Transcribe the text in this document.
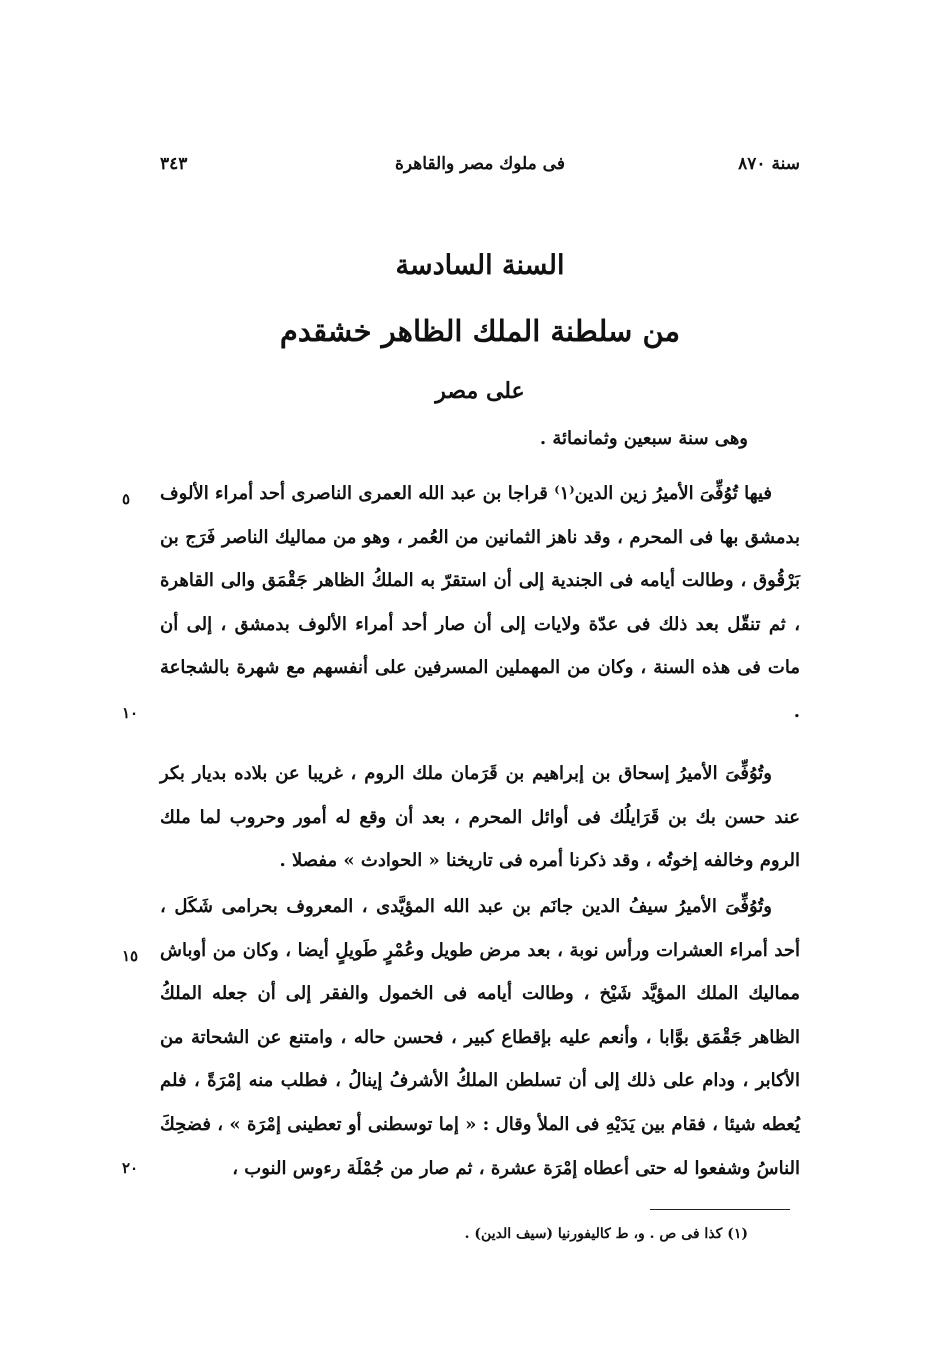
سنة ٨٧٠
فى ملوك مصر والقاهرة
٣٤٣
السنة السادسة
من سلطنة الملك الظاهر خشقدم
على مصر
وهى سنة سبعين وثمانمائة .

فيها تُوُفِّىَ الأميرُ زين الدين⁽١⁾ قراجا بن عبد الله العمرى الناصرى أحد أمراء الألوف بدمشق بها فى المحرم ، وقد ناهز الثمانين من العُمر ، وهو من مماليك الناصر فَرَج بن بَرْقُوق ، وطالت أيامه فى الجندية إلى أن استقرّ به الملكُ الظاهر جَقْمَق والى القاهرة ، ثم تنقّل بعد ذلك فى عدّة ولايات إلى أن صار أحد أمراء الألوف بدمشق ، إلى أن مات فى هذه السنة ، وكان من المهملين المسرفين على أنفسهم مع شهرة بالشجاعة .

وتُوُفِّىَ الأميرُ إسحاق بن إبراهيم بن قَرَمان ملك الروم ، غريبا عن بلاده بديار بكر عند حسن بك بن قَرَايلُك فى أوائل المحرم ، بعد أن وقع له أمور وحروب لما ملك الروم وخالفه إخوتُه ، وقد ذكرنا أمره فى تاريخنا « الحوادث » مفصلا .

وتُوُفِّىَ الأميرُ سيفُ الدين جانَم بن عبد الله المؤيَّدى ، المعروف بحرامى شَكَل ، أحد أمراء العشرات ورأس نوبة ، بعد مرض طويل وعُمْرٍ طَويلٍ أيضا ، وكان من أوباش مماليك الملك المؤيَّد شَيْخ ، وطالت أيامه فى الخمول والفقر إلى أن جعله الملكُ الظاهر جَقْمَق بوَّابا ، وأنعم عليه بإقطاع كبير ، فحسن حاله ، وامتنع عن الشحاتة من الأكابر ، ودام على ذلك إلى أن تسلطن الملكُ الأشرفُ إينالُ ، فطلب منه إمْرَةً ، فلم يُعطه شيئا ، فقام بين يَدَيْهِ فى الملأ وقال : « إما توسطنى أو تعطينى إمْرَة » ، فضحِكَ الناسُ وشفعوا له حتى أعطاه إمْرَة عشرة ، ثم صار من جُمْلَة رءوس النوب ،

٥
١٠
١٥
٢٠
(١) كذا فى ص . و، ط كاليفورنيا (سيف الدين) .
